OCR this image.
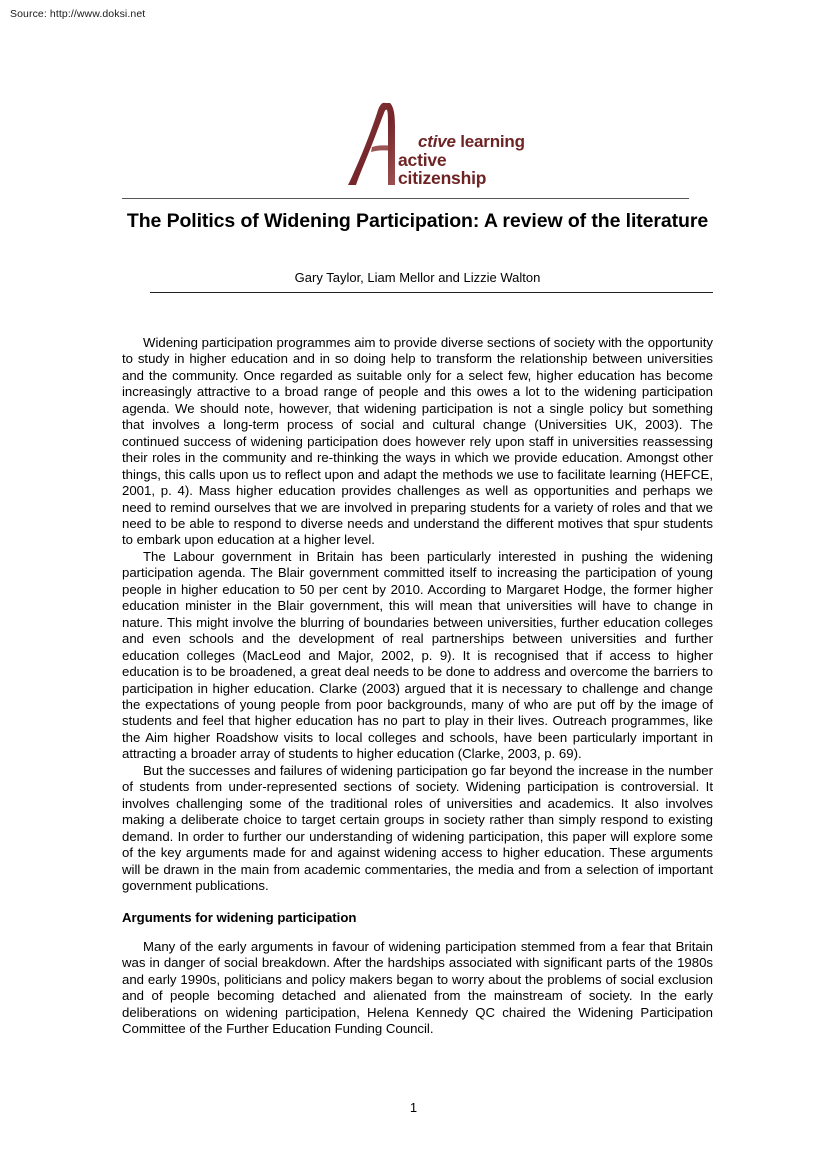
Source: http://www.doksi.net
ctive learning
active citizenship
The Politics of Widening Participation: A review of the literature
Gary Taylor, Liam Mellor and Lizzie Walton

Widening participation programmes aim to provide diverse sections of society with the opportunity to study in higher education and in so doing help to transform the relationship between universities and the community. Once regarded as suitable only for a select few, higher education has become increasingly attractive to a broad range of people and this owes a lot to the widening participation agenda. We should note, however, that widening participation is not a single policy but something that involves a long-term process of social and cultural change (Universities UK, 2003). The continued success of widening participation does however rely upon staff in universities reassessing their roles in the community and re-thinking the ways in which we provide education. Amongst other things, this calls upon us to reflect upon and adapt the methods we use to facilitate learning (HEFCE, 2001, p. 4). Mass higher education provides challenges as well as opportunities and perhaps we need to remind ourselves that we are involved in preparing students for a variety of roles and that we need to be able to respond to diverse needs and understand the different motives that spur students to embark upon education at a higher level.

The Labour government in Britain has been particularly interested in pushing the widening participation agenda. The Blair government committed itself to increasing the participation of young people in higher education to 50 per cent by 2010. According to Margaret Hodge, the former higher education minister in the Blair government, this will mean that universities will have to change in nature. This might involve the blurring of boundaries between universities, further education colleges and even schools and the development of real partnerships between universities and further education colleges (MacLeod and Major, 2002, p. 9). It is recognised that if access to higher education is to be broadened, a great deal needs to be done to address and overcome the barriers to participation in higher education. Clarke (2003) argued that it is necessary to challenge and change the expectations of young people from poor backgrounds, many of who are put off by the image of students and feel that higher education has no part to play in their lives. Outreach programmes, like the Aim higher Roadshow visits to local colleges and schools, have been particularly important in attracting a broader array of students to higher education (Clarke, 2003, p. 69).

But the successes and failures of widening participation go far beyond the increase in the number of students from under-represented sections of society. Widening participation is controversial. It involves challenging some of the traditional roles of universities and academics. It also involves making a deliberate choice to target certain groups in society rather than simply respond to existing demand. In order to further our understanding of widening participation, this paper will explore some of the key arguments made for and against widening access to higher education. These arguments will be drawn in the main from academic commentaries, the media and from a selection of important government publications.

Arguments for widening participation

Many of the early arguments in favour of widening participation stemmed from a fear that Britain was in danger of social breakdown. After the hardships associated with significant parts of the 1980s and early 1990s, politicians and policy makers began to worry about the problems of social exclusion and of people becoming detached and alienated from the mainstream of society. In the early deliberations on widening participation, Helena Kennedy QC chaired the Widening Participation Committee of the Further Education Funding Council.

1
